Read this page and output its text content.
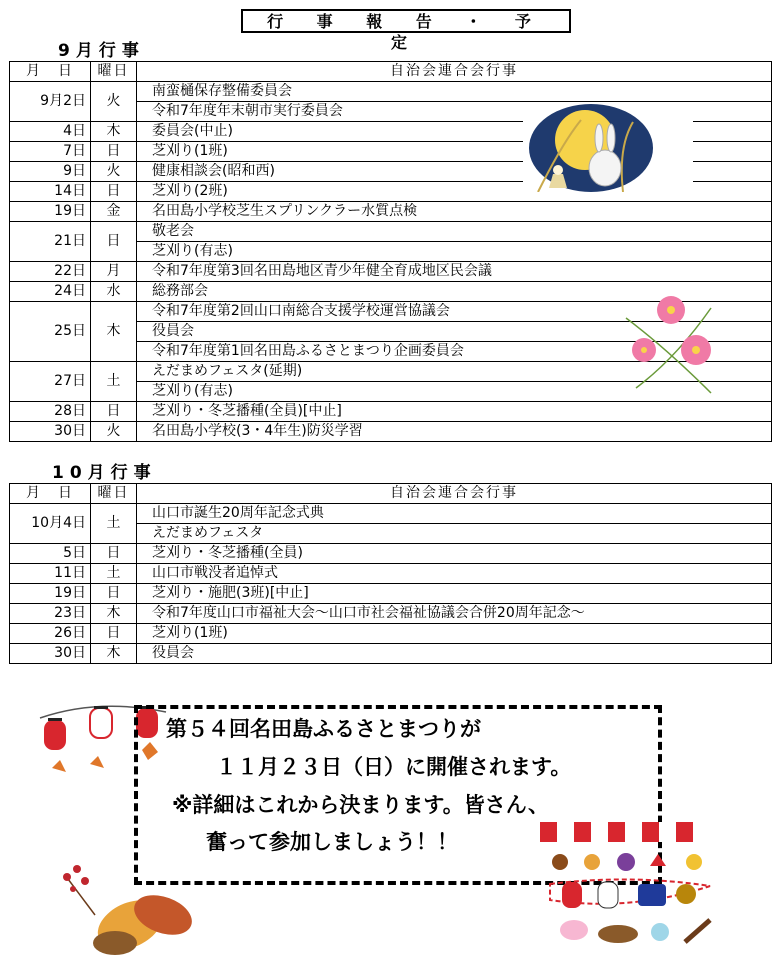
行 事 報 告 ・ 予 定
9月行事
月　日	曜日	自治会連合会行事
9月2日	火	南蛮樋保存整備委員会
		令和7年度年末朝市実行委員会
4日	木	委員会(中止)
7日	日	芝刈り(1班)
9日	火	健康相談会(昭和西)
14日	日	芝刈り(2班)
19日	金	名田島小学校芝生スプリンクラー水質点検
21日	日	敬老会
		芝刈り(有志)
22日	月	令和7年度第3回名田島地区青少年健全育成地区民会議
24日	水	総務部会
25日	木	令和7年度第2回山口南総合支援学校運営協議会
		役員会
		令和7年度第1回名田島ふるさとまつり企画委員会
27日	土	えだまめフェスタ(延期)
		芝刈り(有志)
28日	日	芝刈り・冬芝播種(全員)[中止]
30日	火	名田島小学校(3・4年生)防災学習
10月行事
月　日	曜日	自治会連合会行事
10月4日	土	山口市誕生20周年記念式典
		えだまめフェスタ
5日	日	芝刈り・冬芝播種(全員)
11日	土	山口市戦没者追悼式
19日	日	芝刈り・施肥(3班)[中止]
23日	木	令和7年度山口市福祉大会〜山口市社会福祉協議会合併20周年記念〜
26日	日	芝刈り(1班)
30日	木	役員会
第５４回名田島ふるさとまつりが
１１月２３日（日）に開催されます。
※詳細はこれから決まります。皆さん、
奮って参加しましょう！！
